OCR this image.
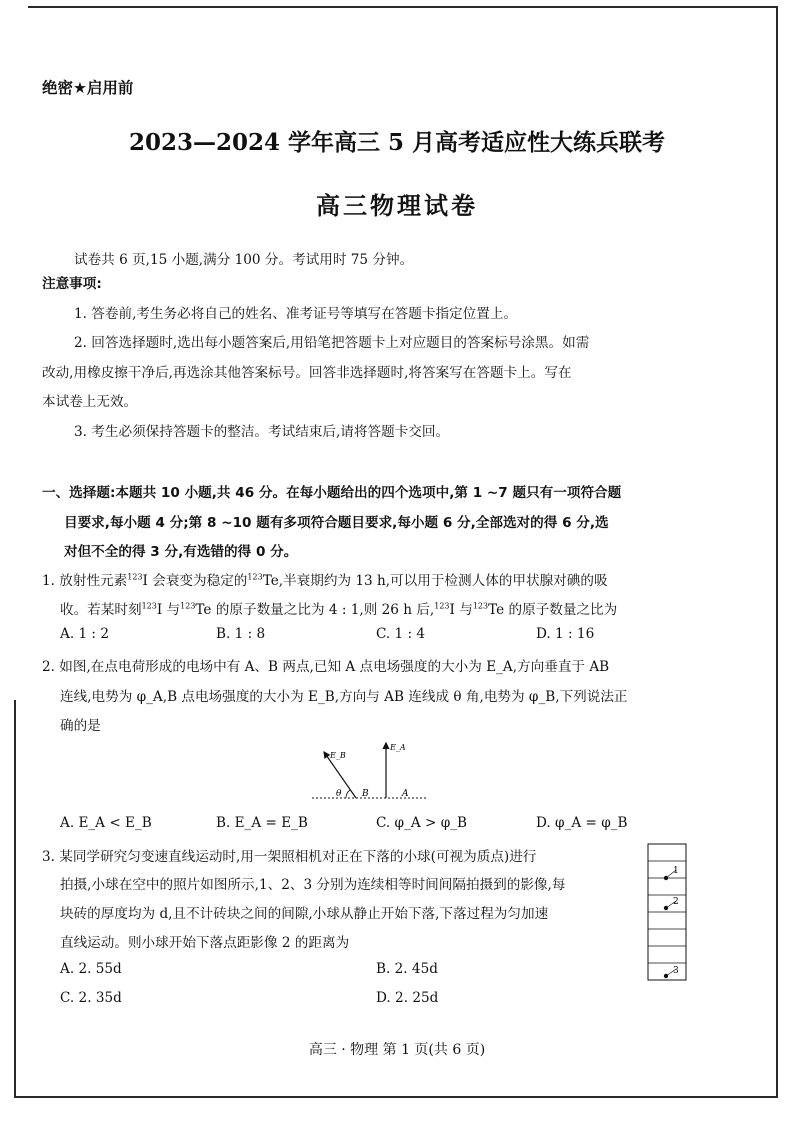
绝密★启用前
2023—2024 学年高三 5 月高考适应性大练兵联考
高三物理试卷
试卷共 6 页,15 小题,满分 100 分。考试用时 75 分钟。
注意事项:
1. 答卷前,考生务必将自己的姓名、准考证号等填写在答题卡指定位置上。
2. 回答选择题时,选出每小题答案后,用铅笔把答题卡上对应题目的答案标号涂黑。如需
改动,用橡皮擦干净后,再选涂其他答案标号。回答非选择题时,将答案写在答题卡上。写在
本试卷上无效。
3. 考生必须保持答题卡的整洁。考试结束后,请将答题卡交回。
一、选择题:本题共 10 小题,共 46 分。在每小题给出的四个选项中,第 1 ~7 题只有一项符合题
目要求,每小题 4 分;第 8 ~10 题有多项符合题目要求,每小题 6 分,全部选对的得 6 分,选
对但不全的得 3 分,有选错的得 0 分。
1. 放射性元素$^{123}$I 会衰变为稳定的$^{123}$Te,半衰期约为 13 h,可以用于检测人体的甲状腺对碘的吸
收。若某时刻$^{123}$I 与$^{123}$Te 的原子数量之比为 4 : 1,则 26 h 后,$^{123}$I 与$^{123}$Te 的原子数量之比为
A. 1 : 2	B. 1 : 8	C. 1 : 4	D. 1 : 16
2. 如图,在点电荷形成的电场中有 A、B 两点,已知 A 点电场强度的大小为 E_A,方向垂直于 AB
连线,电势为 φ_A,B 点电场强度的大小为 E_B,方向与 AB 连线成 θ 角,电势为 φ_B,下列说法正
确的是
E_B
E_A
θ B	A
A. E_A < E_B	B. E_A = E_B	C. φ_A > φ_B	D. φ_A = φ_B
3. 某同学研究匀变速直线运动时,用一架照相机对正在下落的小球(可视为质点)进行
拍摄,小球在空中的照片如图所示,1、2、3 分别为连续相等时间间隔拍摄到的影像,每
块砖的厚度均为 d,且不计砖块之间的间隙,小球从静止开始下落,下落过程为匀加速
直线运动。则小球开始下落点距影像 2 的距离为
1
2
3
A. 2. 55d	B. 2. 45d
C. 2. 35d	D. 2. 25d
高三 · 物理 第 1 页(共 6 页)
